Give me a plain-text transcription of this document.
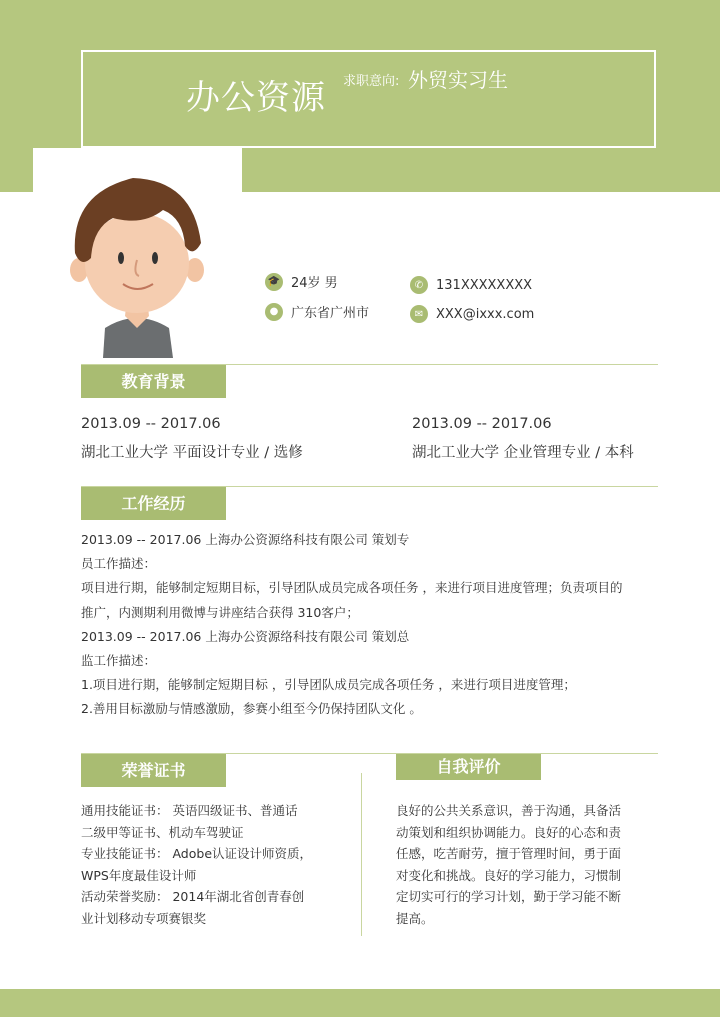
办公资源 求职意向: 外贸实习生
🎓 24岁 男
● 广东省广州市
✆ 131XXXXXXXX
✉ XXX@ixxx.com
教育背景
2013.09 -- 2017.06
湖北工业大学 平面设计专业 / 选修
2013.09 -- 2017.06
湖北工业大学 企业管理专业 / 本科
工作经历
2013.09 -- 2017.06 上海办公资源络科技有限公司 策划专
员工作描述：
项目进行期，能够制定短期目标，引导团队成员完成各项任务 ，来进行项目进度管理；负责项目的
推广，内测期利用微博与讲座结合获得 310客户；
2013.09 -- 2017.06 上海办公资源络科技有限公司 策划总
监工作描述：
1.项目进行期，能够制定短期目标 ，引导团队成员完成各项任务 ，来进行项目进度管理；
2.善用目标激励与情感激励，参赛小组至今仍保持团队文化 。
荣誉证书	自我评价
通用技能证书： 英语四级证书、普通话
二级甲等证书、机动车驾驶证
专业技能证书： Adobe认证设计师资质，
WPS年度最佳设计师
活动荣誉奖励： 2014年湖北省创青春创
业计划移动专项赛银奖
良好的公共关系意识，善于沟通，具备活
动策划和组织协调能力。良好的心态和责
任感，吃苦耐劳，擅于管理时间，勇于面
对变化和挑战。良好的学习能力，习惯制
定切实可行的学习计划，勤于学习能不断
提高。
